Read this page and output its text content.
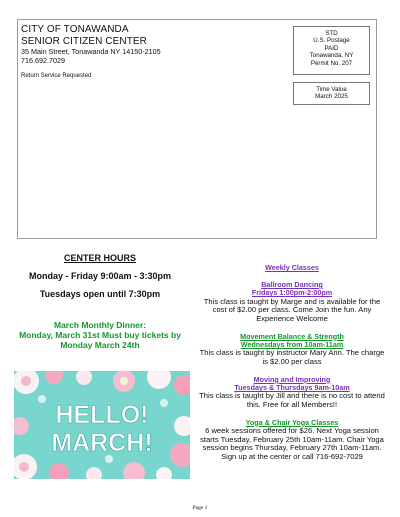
CITY OF TONAWANDA
SENIOR CITIZEN CENTER
35 Main Street, Tonawanda NY 14150-2105
716.692.7029
Return Service Requested
STD
U.S. Postage
PAID
Tonawanda, NY
Permit No. 207
Time Value
March 2025
CENTER HOURS
Monday - Friday 9:00am - 3:30pm
Tuesdays open until 7:30pm
March Monthly Dinner:
Monday, March 31st Must buy tickets by
Monday March 24th
HELLO!
MARCH!
Weekly Classes
Ballroom Dancing
Fridays 1:00pm-2:00pm
This class is taught by Marge and is available for the cost of $2.00 per class. Come Join the fun. Any Experience Welcome
Movement Balance & Strength
Wednesdays from 10am-11am
This class is taught by instructor Mary Ann. The charge is $2.00 per class
Moving and Improving
Tuesdays & Thursdays 9am-10am
This class is taught by Jill and there is no cost to attend this. Free for all Members!!
Yoga & Chair Yoga Classes
6 week sessions offered for $26. Next Yoga session starts Tuesday, February 25th 10am-11am. Chair Yoga session begins Thursday, February 27th 10am-11am. Sign up at the center or call 716-692-7029
Page 1
